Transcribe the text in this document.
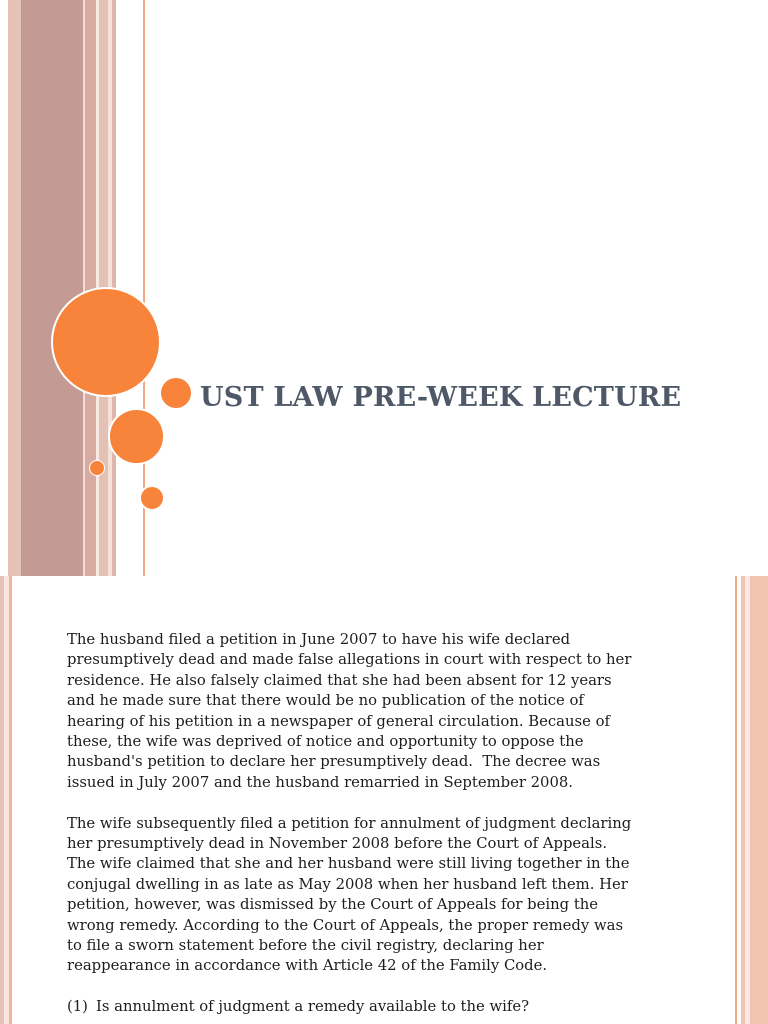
UST LAW PRE-WEEK LECTURE

The husband filed a petition in June 2007 to have his wife declared
presumptively dead and made false allegations in court with respect to her
residence. He also falsely claimed that she had been absent for 12 years
and he made sure that there would be no publication of the notice of
hearing of his petition in a newspaper of general circulation. Because of
these, the wife was deprived of notice and opportunity to oppose the
husband's petition to declare her presumptively dead.  The decree was
issued in July 2007 and the husband remarried in September 2008.

The wife subsequently filed a petition for annulment of judgment declaring
her presumptively dead in November 2008 before the Court of Appeals.
The wife claimed that she and her husband were still living together in the
conjugal dwelling in as late as May 2008 when her husband left them. Her
petition, however, was dismissed by the Court of Appeals for being the
wrong remedy. According to the Court of Appeals, the proper remedy was
to file a sworn statement before the civil registry, declaring her
reappearance in accordance with Article 42 of the Family Code.

(1) Is annulment of judgment a remedy available to the wife?
